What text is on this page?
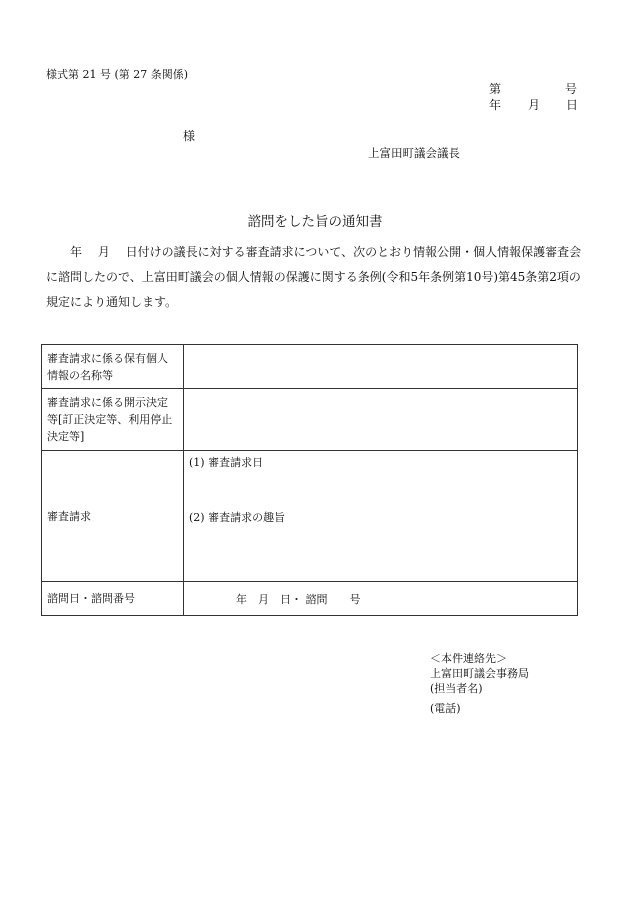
様式第 21 号 (第 27 条関係)
第	号
年 月 日
様
上富田町議会議長
諮問をした旨の通知書

　　年　 月　 日付けの議長に対する審査請求について、次のとおり情報公開・個人情報保護審査会

に諮問したので、上富田町議会の個人情報の保護に関する条例(令和5年条例第10号)第45条第2項の

規定により通知します。

審査請求に係る保有個人
情報の名称等	

審査請求に係る開示決定
等[訂正決定等、利用停止
決定等]	

審査請求	(1) 審査請求日
(2) 審査請求の趣旨

諮問日・諮問番号	年　月　日・ 諮問　　号
＜本件連絡先＞
上富田町議会事務局
(担当者名)
(電話)
